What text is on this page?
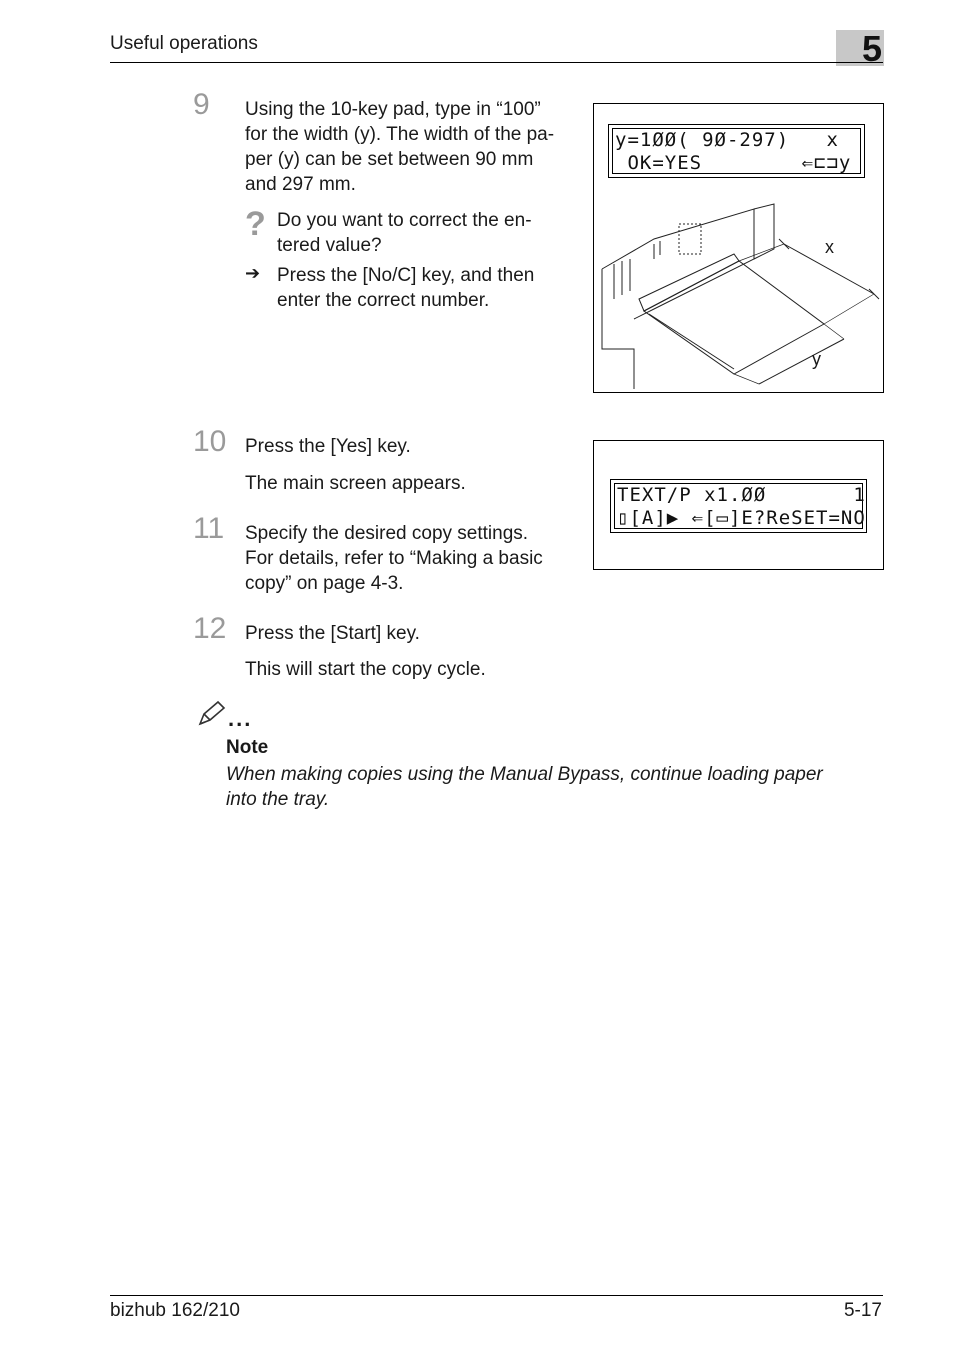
Useful operations	5
9 Using the 10-key pad, type in “100”
for the width (y). The width of the pa-
per (y) can be set between 90 mm
and 297 mm.
? Do you want to correct the en-
tered value?
➔ Press the [No/C] key, and then
enter the correct number.
y=1ØØ( 9Ø-297)   x
OK=YES        ⇐⊏⊐y
x
y
10 Press the [Yes] key.
The main screen appears.
TEXT/P x1.ØØ       1
▯[A]▶ ⇐[▭]E?ReSET=NO
11 Specify the desired copy settings.
For details, refer to “Making a basic
copy” on page 4-3.
12 Press the [Start] key.
This will start the copy cycle.
...
Note
When making copies using the Manual Bypass, continue loading paper
into the tray.
bizhub 162/210	5-17
